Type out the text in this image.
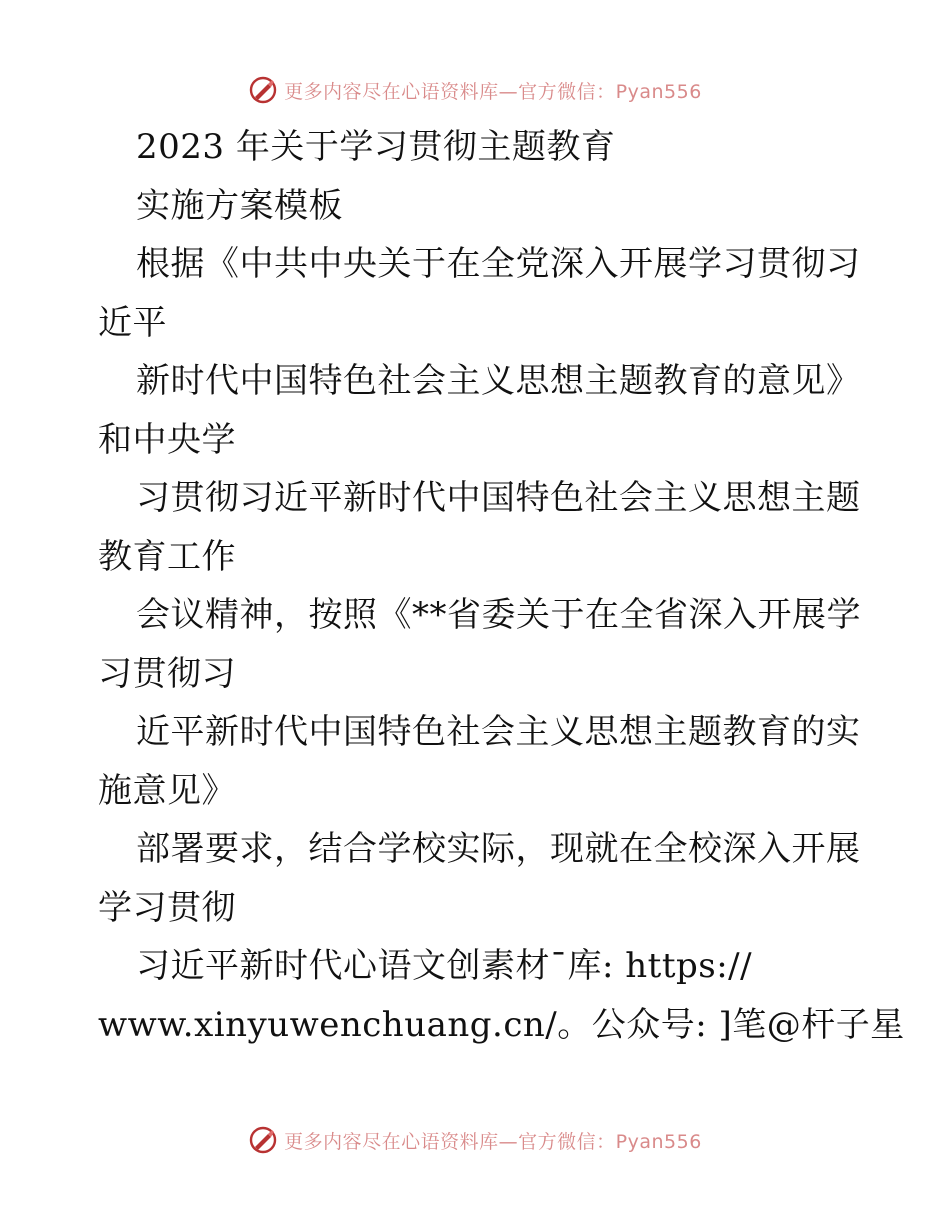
更多内容尽在心语资料库—官方微信：Pyan556
2023 年关于学习贯彻主题教育
实施方案模板
根据《中共中央关于在全党深入开展学习贯彻习
近平
新时代中国特色社会主义思想主题教育的意见》
和中央学
习贯彻习近平新时代中国特色社会主义思想主题
教育工作
会议精神，按照《**省委关于在全省深入开展学
习贯彻习
近平新时代中国特色社会主义思想主题教育的实
施意见》
部署要求，结合学校实际，现就在全校深入开展
学习贯彻
习近平新时代心语文创素材¯库: https://
www.xinyuwenchuang.cn/。公众号: ]笔@杆子星
更多内容尽在心语资料库—官方微信：Pyan556
